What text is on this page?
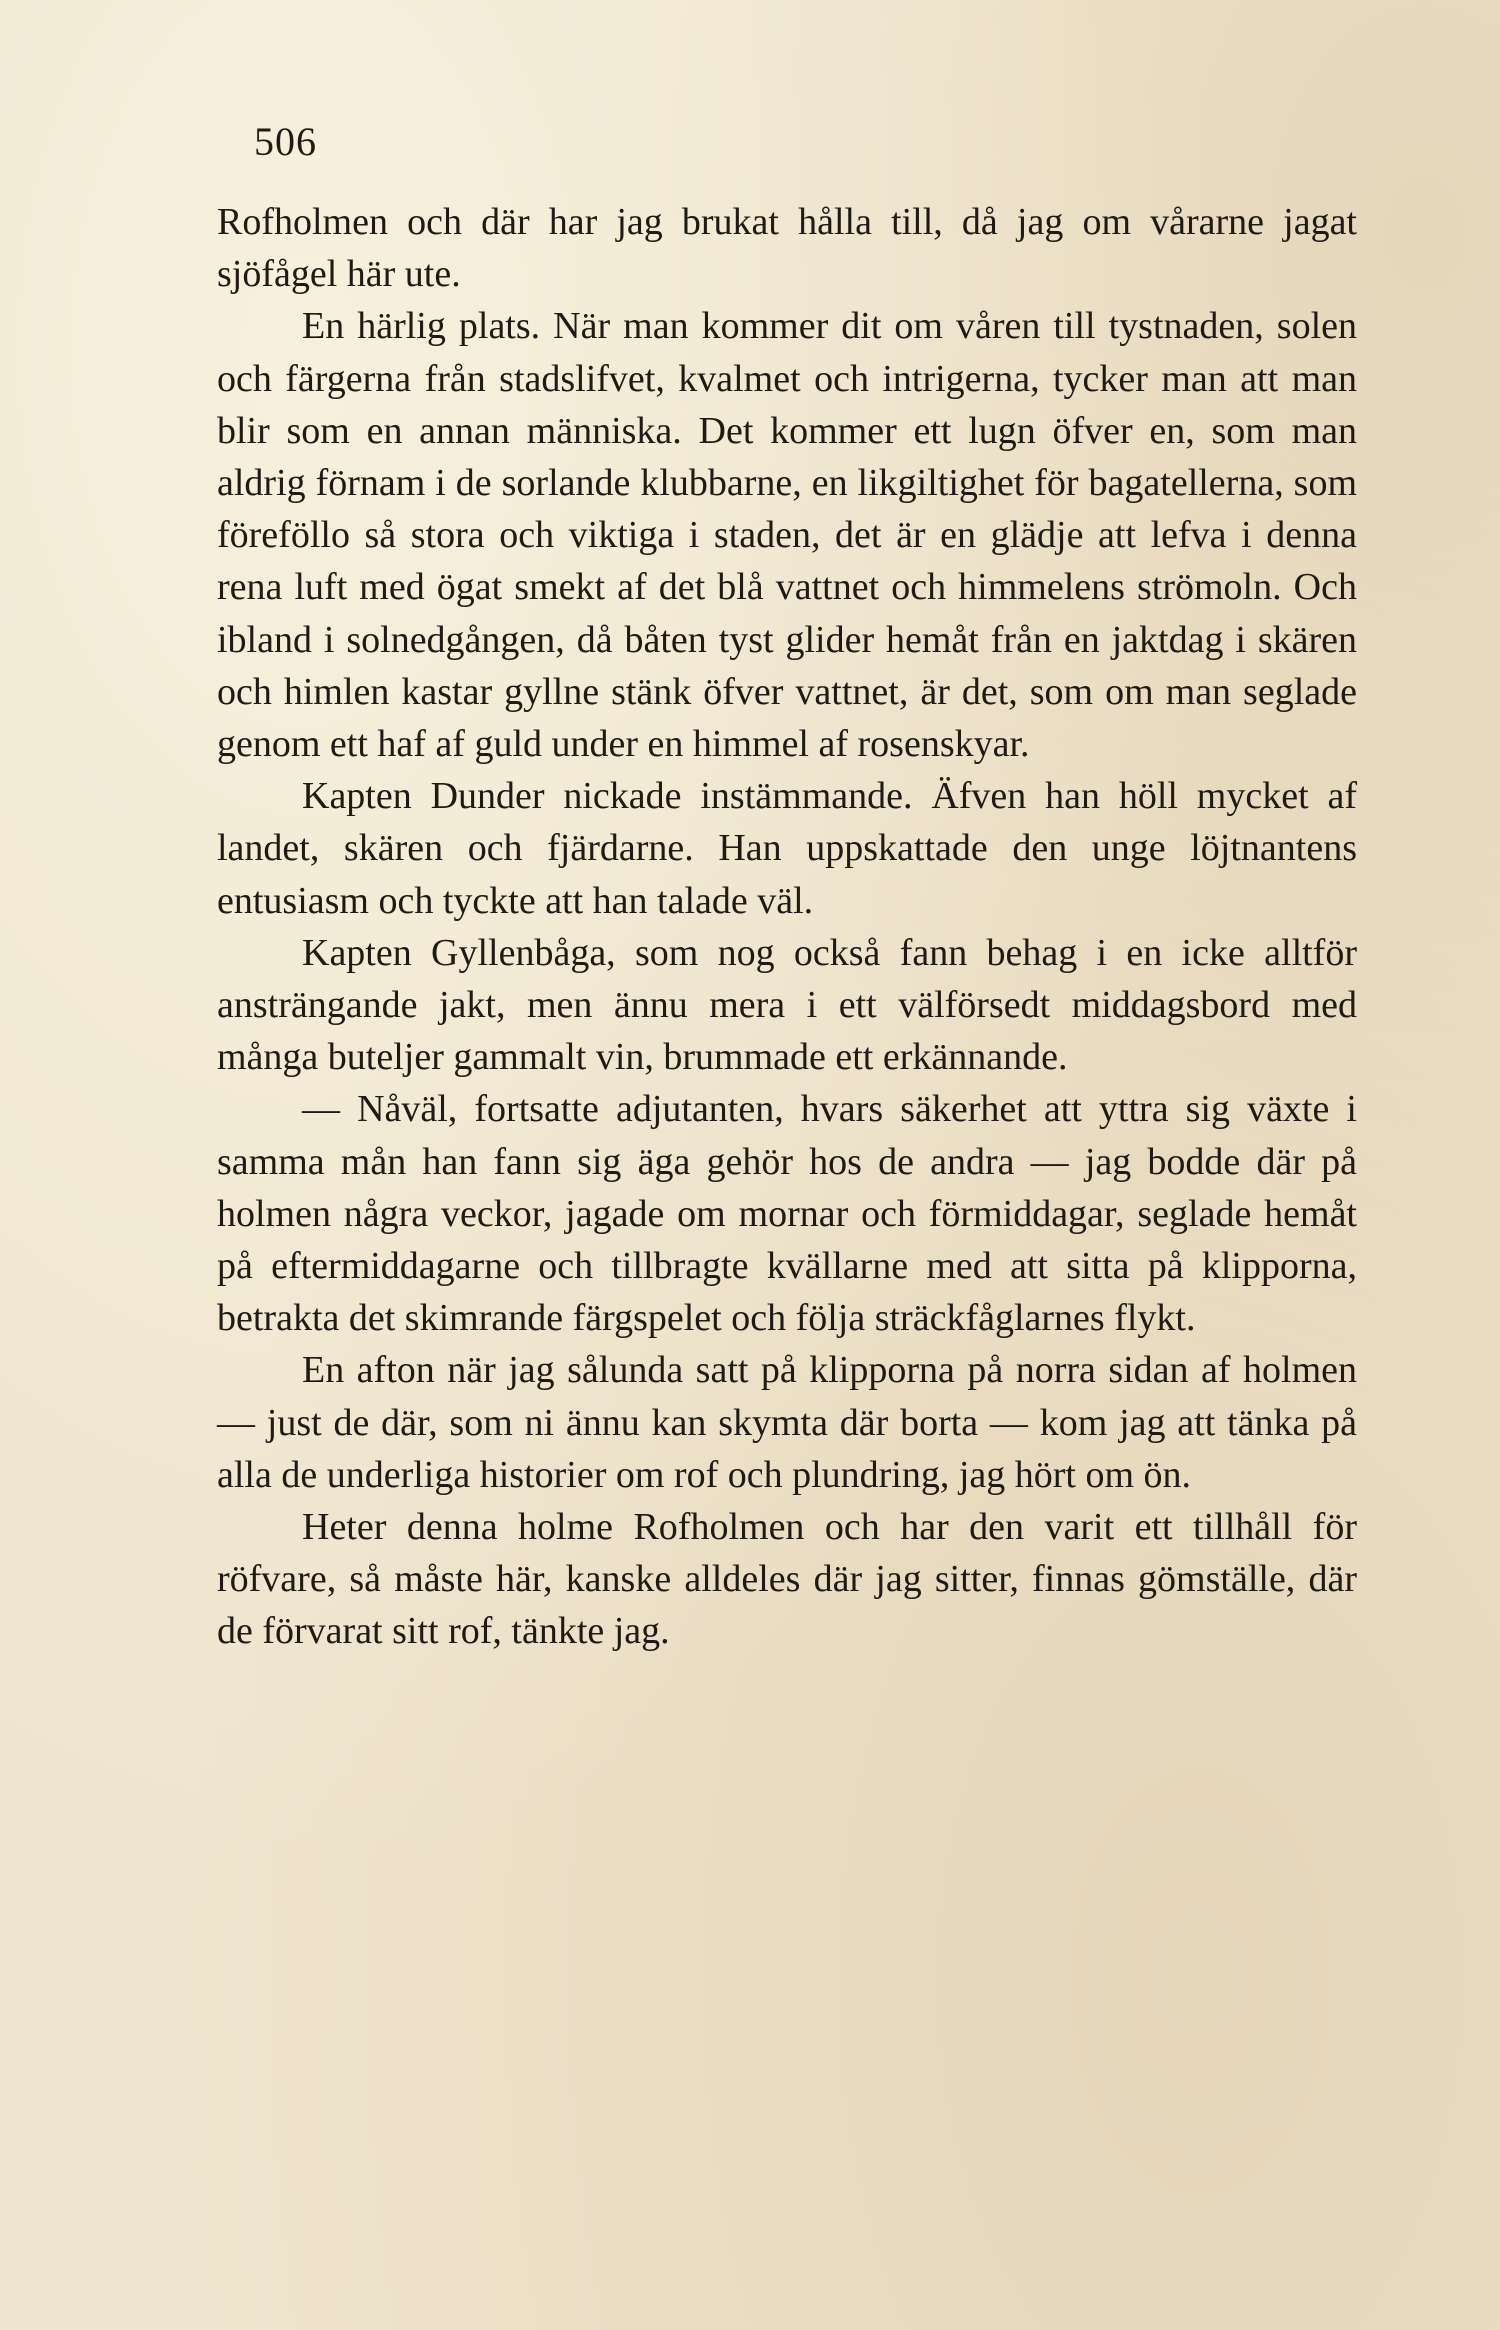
506

Rofholmen och där har jag brukat hålla till, då jag om vårarne jagat sjöfågel här ute.

En härlig plats. När man kommer dit om våren till tystnaden, solen och färgerna från stadslifvet, kvalmet och intrigerna, tycker man att man blir som en annan människa. Det kommer ett lugn öfver en, som man aldrig förnam i de sorlande klubbarne, en likgiltighet för bagatellerna, som föreföllo så stora och viktiga i staden, det är en glädje att lefva i denna rena luft med ögat smekt af det blå vattnet och himmelens strömoln. Och ibland i solnedgången, då båten tyst glider hemåt från en jaktdag i skären och himlen kastar gyllne stänk öfver vattnet, är det, som om man seglade genom ett haf af guld under en himmel af rosenskyar.

Kapten Dunder nickade instämmande. Äfven han höll mycket af landet, skären och fjärdarne. Han uppskattade den unge löjtnantens entusiasm och tyckte att han talade väl.

Kapten Gyllenbåga, som nog också fann behag i en icke alltför ansträngande jakt, men ännu mera i ett välförsedt middagsbord med många buteljer gammalt vin, brummade ett erkännande.

— Nåväl, fortsatte adjutanten, hvars säkerhet att yttra sig växte i samma mån han fann sig äga gehör hos de andra — jag bodde där på holmen några veckor, jagade om mornar och förmiddagar, seglade hemåt på eftermiddagarne och tillbragte kvällarne med att sitta på klipporna, betrakta det skimrande färgspelet och följa sträckfåglarnes flykt.

En afton när jag sålunda satt på klipporna på norra sidan af holmen — just de där, som ni ännu kan skymta där borta — kom jag att tänka på alla de underliga historier om rof och plundring, jag hört om ön.

Heter denna holme Rofholmen och har den varit ett tillhåll för röfvare, så måste här, kanske alldeles där jag sitter, finnas gömställe, där de förvarat sitt rof, tänkte jag.
